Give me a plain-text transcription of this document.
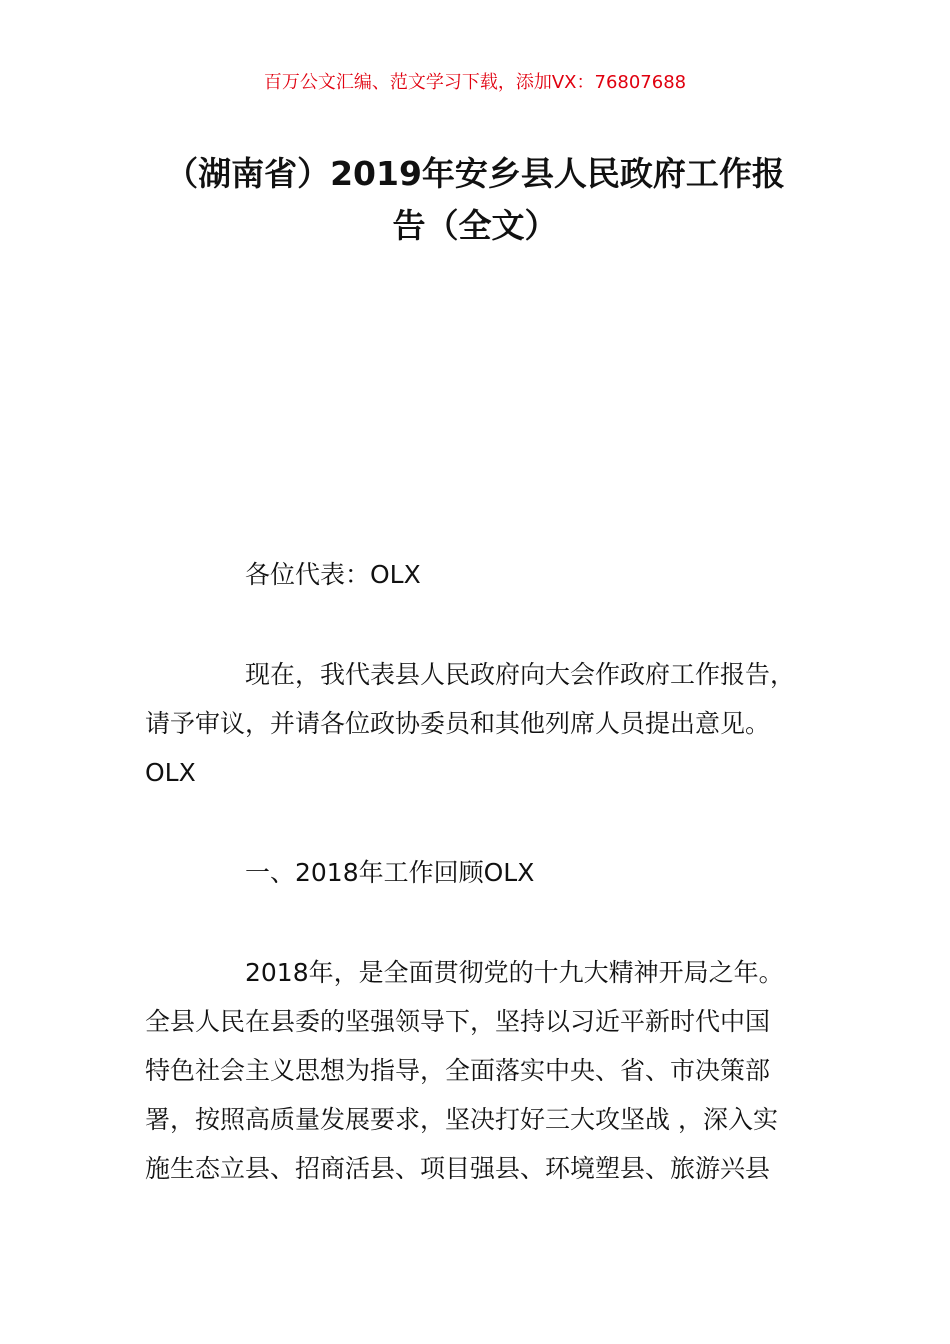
百万公文汇编、范文学习下载，添加VX：76807688
（湖南省）2019年安乡县人民政府工作报
告（全文）

各位代表：OLX

现在，我代表县人民政府向大会作政府工作报告，
请予审议，并请各位政协委员和其他列席人员提出意见。
OLX

一、2018年工作回顾OLX

2018年，是全面贯彻党的十九大精神开局之年。
全县人民在县委的坚强领导下，坚持以习近平新时代中国
特色社会主义思想为指导，全面落实中央、省、市决策部
署，按照高质量发展要求，坚决打好三大攻坚战 ，深入实
施生态立县、招商活县、项目强县、环境塑县、旅游兴县
